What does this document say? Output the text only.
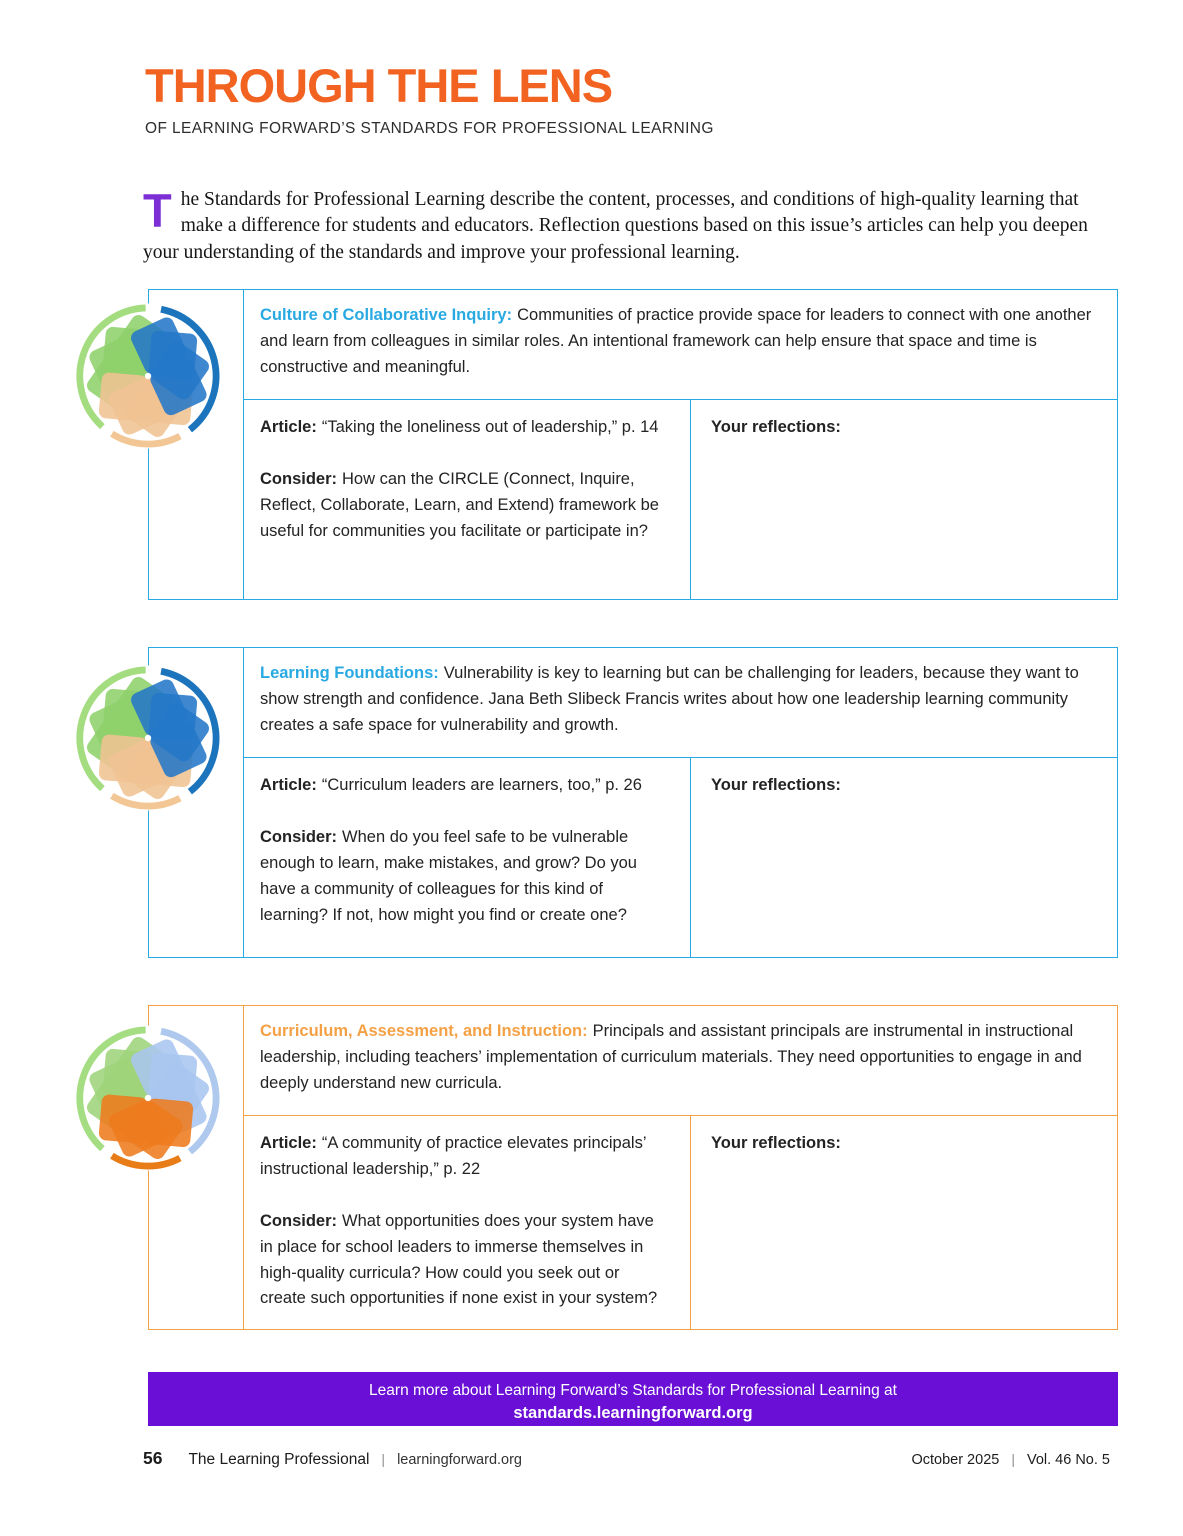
THROUGH THE LENS
OF LEARNING FORWARD’S STANDARDS FOR PROFESSIONAL LEARNING

The Standards for Professional Learning describe the content, processes, and conditions of high-quality learning that make a difference for students and educators. Reflection questions based on this issue’s articles can help you deepen your understanding of the standards and improve your professional learning.

Culture of Collaborative Inquiry: Communities of practice provide space for leaders to connect with one another and learn from colleagues in similar roles. An intentional framework can help ensure that space and time is constructive and meaningful.
Article: “Taking the loneliness out of leadership,” p. 14
Consider: How can the CIRCLE (Connect, Inquire, Reflect, Collaborate, Learn, and Extend) framework be useful for communities you facilitate or participate in?
Your reflections:
Learning Foundations: Vulnerability is key to learning but can be challenging for leaders, because they want to show strength and confidence. Jana Beth Slibeck Francis writes about how one leadership learning community creates a safe space for vulnerability and growth.
Article: “Curriculum leaders are learners, too,” p. 26
Consider: When do you feel safe to be vulnerable enough to learn, make mistakes, and grow? Do you have a community of colleagues for this kind of learning? If not, how might you find or create one?
Your reflections:
Curriculum, Assessment, and Instruction: Principals and assistant principals are instrumental in instructional leadership, including teachers’ implementation of curriculum materials. They need opportunities to engage in and deeply understand new curricula.
Article: “A community of practice elevates principals’ instructional leadership,” p. 22
Consider: What opportunities does your system have in place for school leaders to immerse themselves in high-quality curricula? How could you seek out or create such opportunities if none exist in your system?
Your reflections:
Learn more about Learning Forward’s Standards for Professional Learning at
standards.learningforward.org
56 The Learning Professional | learningforward.org	October 2025 | Vol. 46 No. 5
